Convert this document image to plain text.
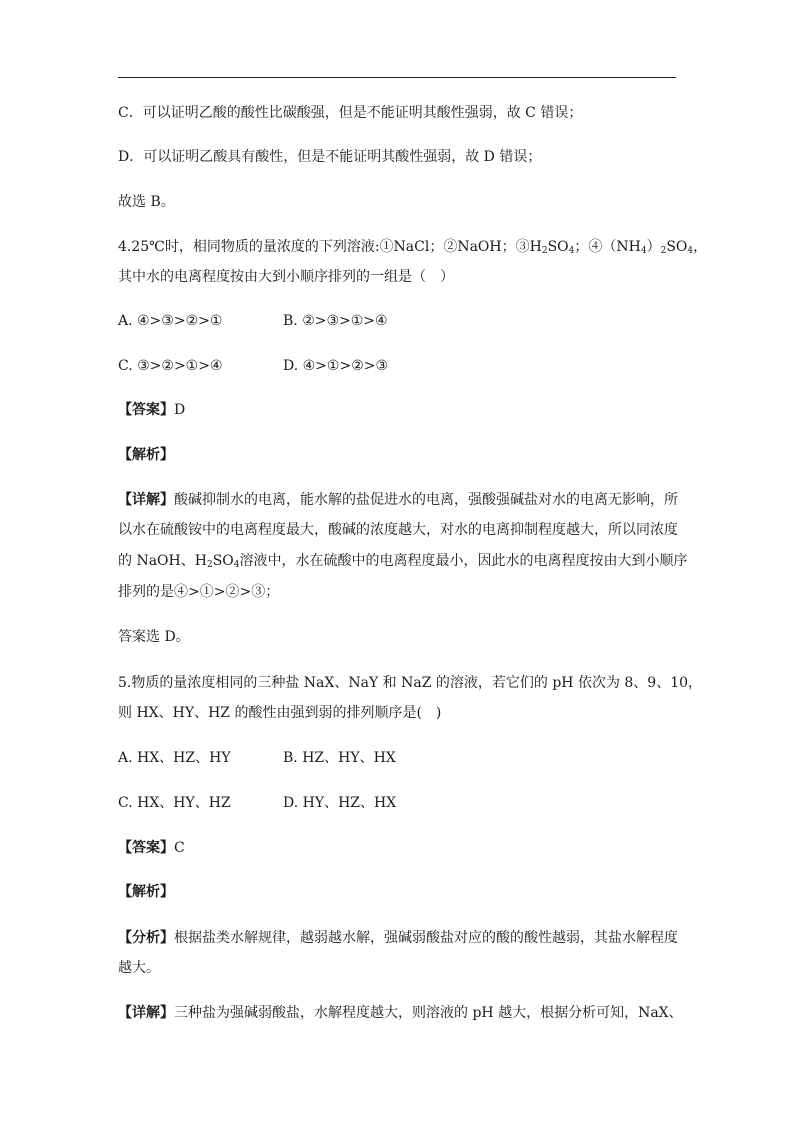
C．可以证明乙酸的酸性比碳酸强，但是不能证明其酸性强弱，故 C 错误；
D．可以证明乙酸具有酸性，但是不能证明其酸性强弱，故 D 错误；
故选 B。
4.25℃时，相同物质的量浓度的下列溶液:①NaCl；②NaOH；$③H_2SO_4$；$④(NH_4)_2SO_4$，
其中水的电离程度按由大到小顺序排列的一组是（　）
A. ④>③>②>①	B. ②>③>①>④
C. ③>②>①>④	D. ④>①>②>③
【答案】D
【解析】
【详解】酸碱抑制水的电离，能水解的盐促进水的电离，强酸强碱盐对水的电离无影响，所
以水在硫酸铵中的电离程度最大，酸碱的浓度越大，对水的电离抑制程度越大，所以同浓度
的 NaOH、$H_2SO_4$溶液中，水在硫酸中的电离程度最小，因此水的电离程度按由大到小顺序
排列的是④>①>②>③；
答案选 D。
5.物质的量浓度相同的三种盐 NaX、NaY 和 NaZ 的溶液，若它们的 pH 依次为 8、9、10，
则 HX、HY、HZ 的酸性由强到弱的排列顺序是(　)
A. HX、HZ、HY	B. HZ、HY、HX
C. HX、HY、HZ	D. HY、HZ、HX
【答案】C
【解析】
【分析】根据盐类水解规律，越弱越水解，强碱弱酸盐对应的酸的酸性越弱，其盐水解程度
越大。
【详解】三种盐为强碱弱酸盐，水解程度越大，则溶液的 pH 越大，根据分析可知，NaX、
